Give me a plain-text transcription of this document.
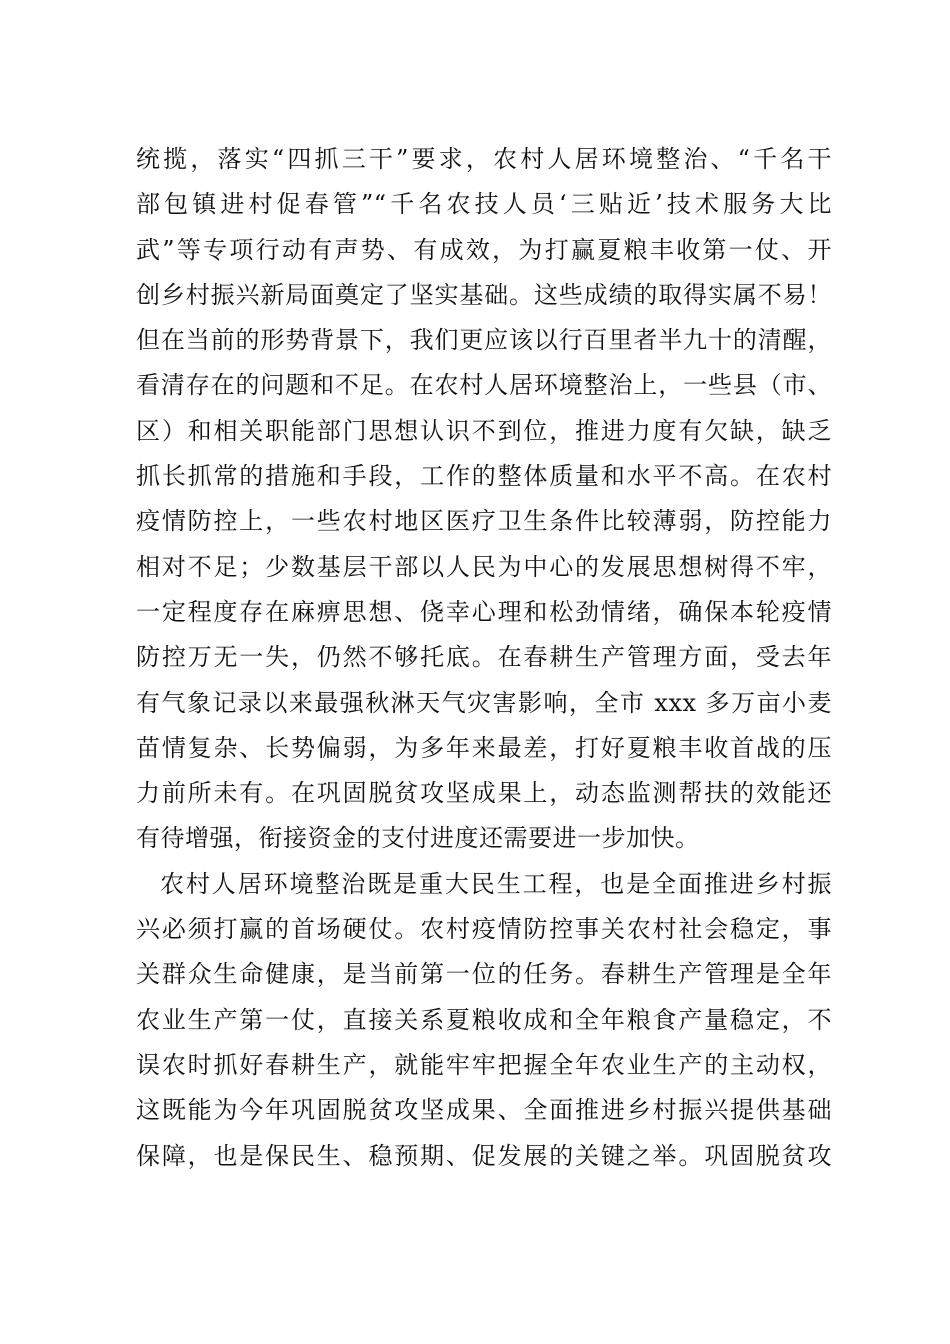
统揽，落实“四抓三干”要求，农村人居环境整治、“千名干
部包镇进村促春管”“千名农技人员‘三贴近’技术服务大比
武”等专项行动有声势、有成效，为打赢夏粮丰收第一仗、开
创乡村振兴新局面奠定了坚实基础。这些成绩的取得实属不易！
但在当前的形势背景下，我们更应该以行百里者半九十的清醒，
看清存在的问题和不足。在农村人居环境整治上，一些县（市、
区）和相关职能部门思想认识不到位，推进力度有欠缺，缺乏
抓长抓常的措施和手段，工作的整体质量和水平不高。在农村
疫情防控上，一些农村地区医疗卫生条件比较薄弱，防控能力
相对不足；少数基层干部以人民为中心的发展思想树得不牢，
一定程度存在麻痹思想、侥幸心理和松劲情绪，确保本轮疫情
防控万无一失，仍然不够托底。在春耕生产管理方面，受去年
有气象记录以来最强秋淋天气灾害影响，全市 xxx 多万亩小麦
苗情复杂、长势偏弱，为多年来最差，打好夏粮丰收首战的压
力前所未有。在巩固脱贫攻坚成果上，动态监测帮扶的效能还
有待增强，衔接资金的支付进度还需要进一步加快。
农村人居环境整治既是重大民生工程，也是全面推进乡村振
兴必须打赢的首场硬仗。农村疫情防控事关农村社会稳定，事
关群众生命健康，是当前第一位的任务。春耕生产管理是全年
农业生产第一仗，直接关系夏粮收成和全年粮食产量稳定，不
误农时抓好春耕生产，就能牢牢把握全年农业生产的主动权，
这既能为今年巩固脱贫攻坚成果、全面推进乡村振兴提供基础
保障，也是保民生、稳预期、促发展的关键之举。巩固脱贫攻
